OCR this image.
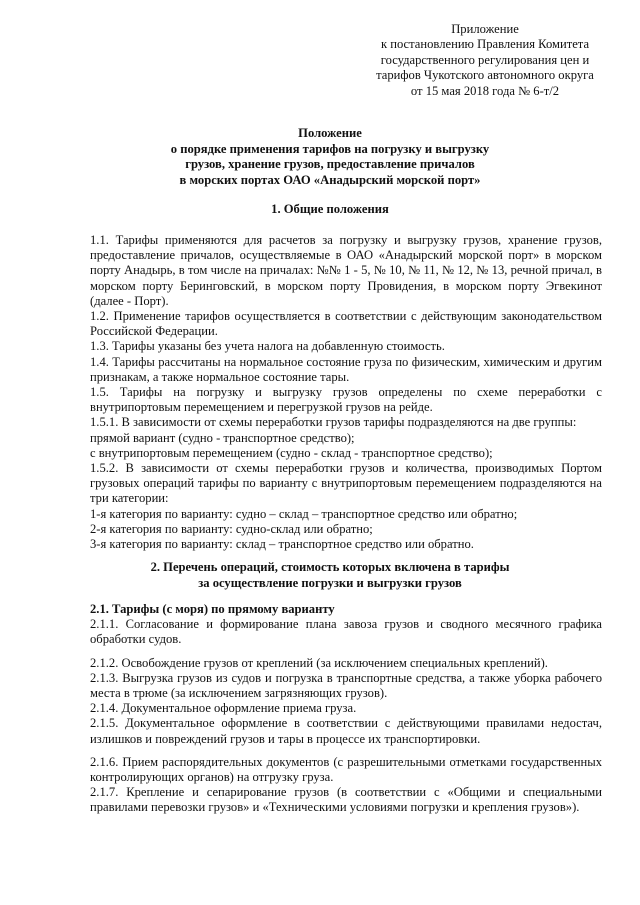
Приложение
к постановлению Правления Комитета
государственного регулирования цен и
тарифов Чукотского автономного округа
от 15 мая 2018 года № 6-т/2
Положение
о порядке применения тарифов на погрузку и выгрузку
грузов, хранение грузов, предоставление причалов
в морских портах ОАО «Анадырский морской порт»
1. Общие положения

1.1. Тарифы применяются для расчетов за погрузку и выгрузку грузов, хранение грузов, предоставление причалов, осуществляемые в ОАО «Анадырский морской порт» в морском порту Анадырь, в том числе на причалах: №№ 1 - 5, № 10, № 11, № 12, № 13, речной причал, в морском порту Беринговский, в морском порту Провидения, в морском порту Эгвекинот (далее - Порт).

1.2. Применение тарифов осуществляется в соответствии с действующим законодательством Российской Федерации.

1.3. Тарифы указаны без учета налога на добавленную стоимость.

1.4. Тарифы рассчитаны на нормальное состояние груза по физическим, химическим и другим признакам, а также нормальное состояние тары.

1.5. Тарифы на погрузку и выгрузку грузов определены по схеме переработки с внутрипортовым перемещением и перегрузкой грузов на рейде.

1.5.1. В зависимости от схемы переработки грузов тарифы подразделяются на две группы:

прямой вариант (судно - транспортное средство);

с внутрипортовым перемещением (судно - склад - транспортное средство);

1.5.2. В зависимости от схемы переработки грузов и количества, производимых Портом грузовых операций тарифы по варианту с внутрипортовым перемещением подразделяются на три категории:

1-я категория по варианту: судно – склад – транспортное средство или обратно;

2-я категория по варианту: судно-склад или обратно;

3-я категория по варианту: склад – транспортное средство или обратно.

2. Перечень операций, стоимость которых включена в тарифы
за осуществление погрузки и выгрузки грузов

2.1. Тарифы (с моря) по прямому варианту

2.1.1. Согласование и формирование плана завоза грузов и сводного месячного графика обработки судов.

2.1.2. Освобождение грузов от креплений (за исключением специальных креплений).

2.1.3. Выгрузка грузов из судов и погрузка в транспортные средства, а также уборка рабочего места в трюме (за исключением загрязняющих грузов).

2.1.4. Документальное оформление приема груза.

2.1.5. Документальное оформление в соответствии с действующими правилами недостач, излишков и повреждений грузов и тары в процессе их транспортировки.

2.1.6. Прием распорядительных документов (с разрешительными отметками государственных контролирующих органов) на отгрузку груза.

2.1.7. Крепление и сепарирование грузов (в соответствии с «Общими и специальными правилами перевозки грузов» и «Техническими условиями погрузки и крепления грузов»).
